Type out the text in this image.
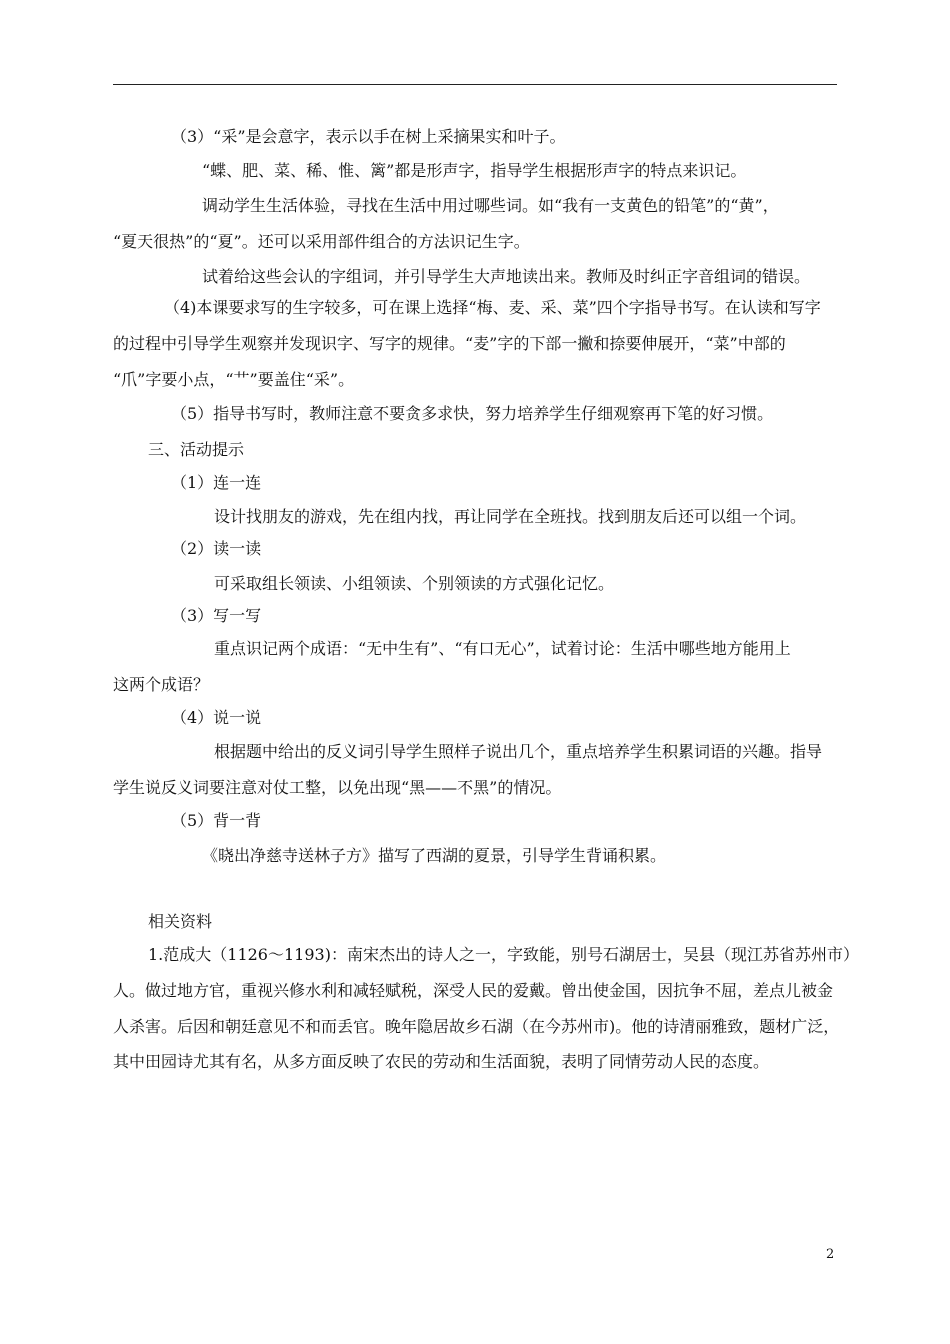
（3）“采”是会意字，表示以手在树上采摘果实和叶子。
“蝶、肥、菜、稀、惟、篱”都是形声字，指导学生根据形声字的特点来识记。
调动学生生活体验，寻找在生活中用过哪些词。如“我有一支黄色的铅笔”的“黄”，
“夏天很热”的“夏”。还可以采用部件组合的方法识记生字。
试着给这些会认的字组词，并引导学生大声地读出来。教师及时纠正字音组词的错误。
（4)本课要求写的生字较多，可在课上选择“梅、麦、采、菜”四个字指导书写。在认读和写字
的过程中引导学生观察并发现识字、写字的规律。“麦”字的下部一撇和捺要伸展开，“菜”中部的
“爪”字要小点，“艹”要盖住“采”。
（5）指导书写时，教师注意不要贪多求快，努力培养学生仔细观察再下笔的好习惯。
三、活动提示
（1）连一连
设计找朋友的游戏，先在组内找，再让同学在全班找。找到朋友后还可以组一个词。
（2）读一读
可采取组长领读、小组领读、个别领读的方式强化记忆。
（3）写一写
重点识记两个成语：“无中生有”、“有口无心”，试着讨论：生活中哪些地方能用上
这两个成语？
（4）说一说
根据题中给出的反义词引导学生照样子说出几个，重点培养学生积累词语的兴趣。指导
学生说反义词要注意对仗工整，以免出现“黑——不黑”的情况。
（5）背一背
《晓出净慈寺送林子方》描写了西湖的夏景，引导学生背诵积累。
相关资料
1.范成大（1126～1193)：南宋杰出的诗人之一，字致能，别号石湖居士，吴县（现江苏省苏州市）
人。做过地方官，重视兴修水利和减轻赋税，深受人民的爱戴。曾出使金国，因抗争不屈，差点儿被金
人杀害。后因和朝廷意见不和而丢官。晚年隐居故乡石湖（在今苏州市)。他的诗清丽雅致，题材广泛，
其中田园诗尤其有名，从多方面反映了农民的劳动和生活面貌，表明了同情劳动人民的态度。
2
